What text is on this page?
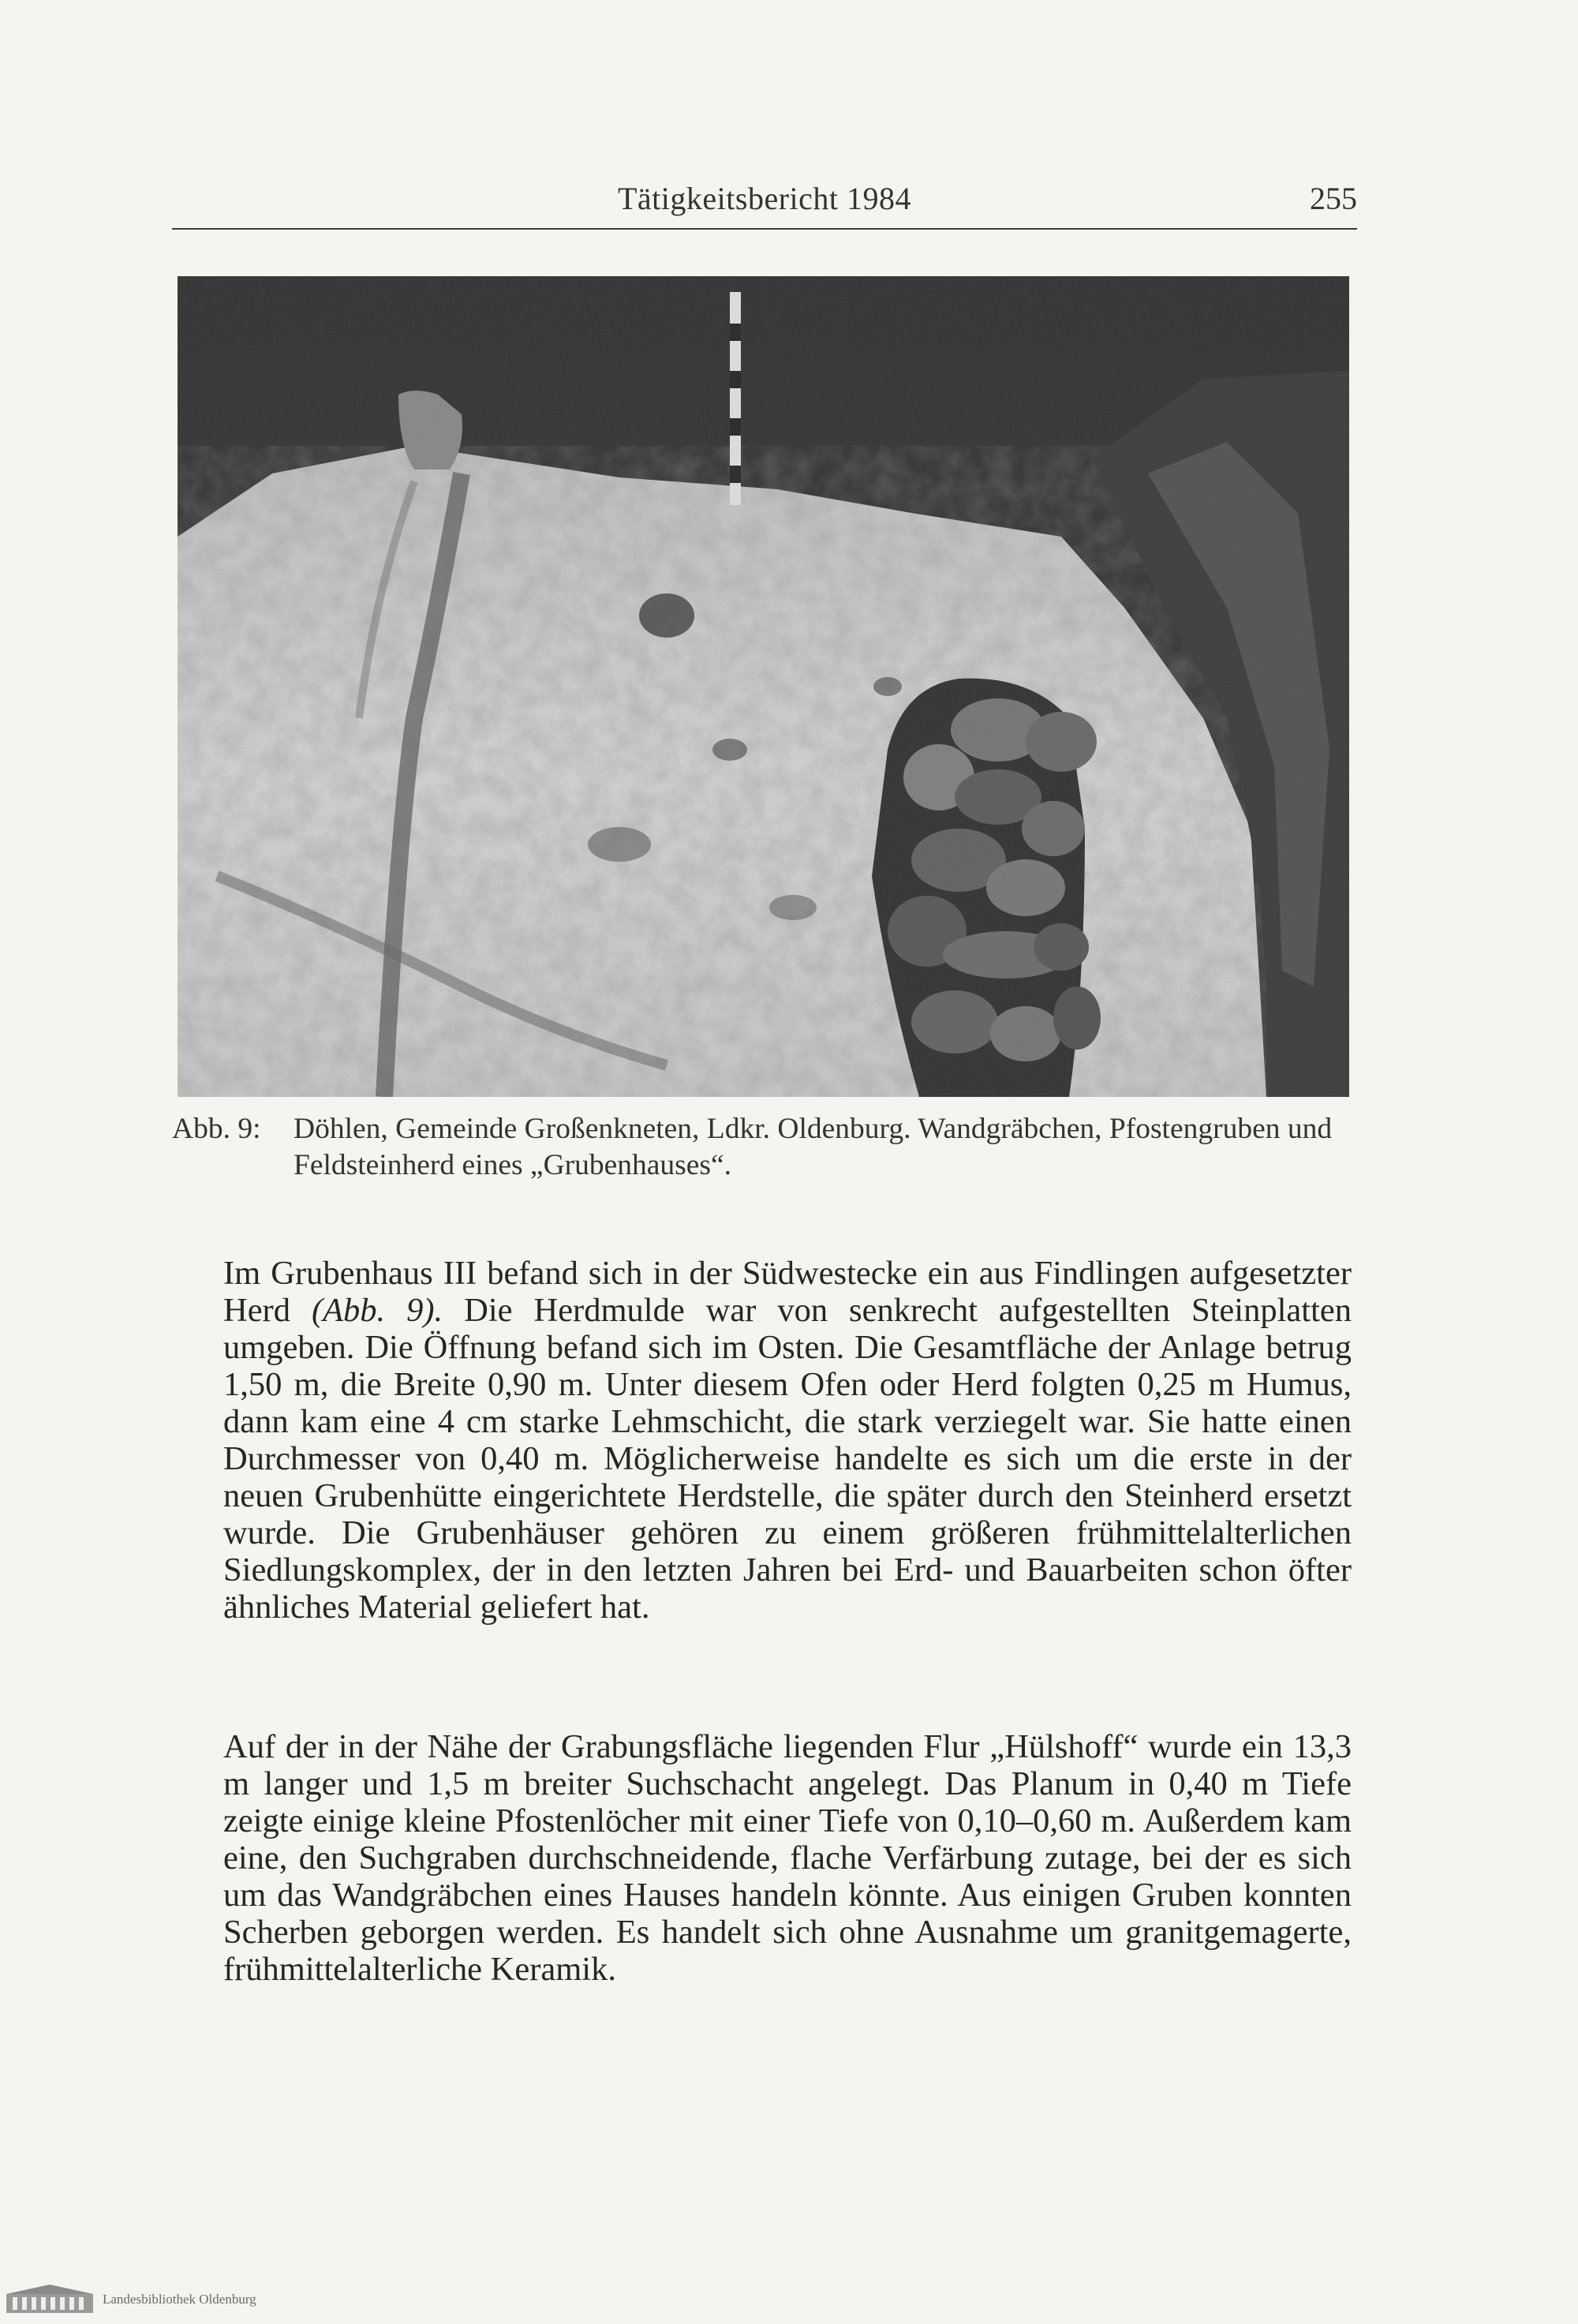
Tätigkeitsbericht 1984	255
Abb. 9: Döhlen, Gemeinde Großenkneten, Ldkr. Oldenburg. Wandgräbchen, Pfostengruben und Feldsteinherd eines „Grubenhauses“.
Im Grubenhaus III befand sich in der Südwestecke ein aus Findlingen aufgesetzter Herd (Abb. 9). Die Herdmulde war von senkrecht aufgestellten Steinplatten umgeben. Die Öffnung befand sich im Osten. Die Gesamtfläche der Anlage betrug 1,50 m, die Breite 0,90 m. Unter diesem Ofen oder Herd folgten 0,25 m Humus, dann kam eine 4 cm starke Lehmschicht, die stark verziegelt war. Sie hatte einen Durchmesser von 0,40 m. Möglicherweise handelte es sich um die erste in der neuen Grubenhütte eingerichtete Herdstelle, die später durch den Steinherd ersetzt wurde. Die Grubenhäuser gehören zu einem größeren frühmittelalterlichen Siedlungskomplex, der in den letzten Jahren bei Erd- und Bauarbeiten schon öfter ähnliches Material geliefert hat.
Auf der in der Nähe der Grabungsfläche liegenden Flur „Hülshoff“ wurde ein 13,3 m langer und 1,5 m breiter Suchschacht angelegt. Das Planum in 0,40 m Tiefe zeigte einige kleine Pfostenlöcher mit einer Tiefe von 0,10–0,60 m. Außerdem kam eine, den Suchgraben durchschneidende, flache Verfärbung zutage, bei der es sich um das Wandgräbchen eines Hauses handeln könnte. Aus einigen Gruben konnten Scherben geborgen werden. Es handelt sich ohne Ausnahme um granitgemagerte, frühmittelalterliche Keramik.
Landesbibliothek Oldenburg
